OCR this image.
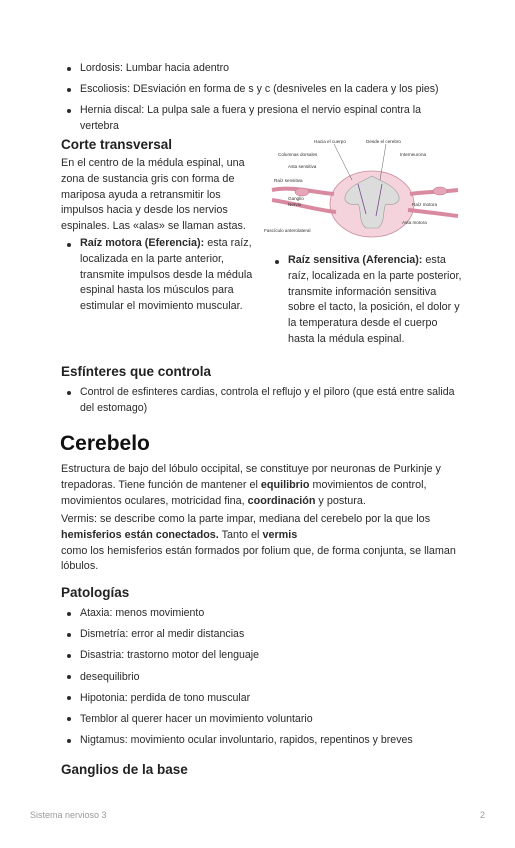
Lordosis: Lumbar hacia adentro
Escoliosis: DEsviación en forma de s y c (desniveles en la cadera y los pies)
Hernia discal: La pulpa sale a fuera y presiona el nervio espinal contra la vertebra
Corte transversal

En el centro de la médula espinal, una zona de sustancia gris con forma de mariposa ayuda a retransmitir los impulsos hacia y desde los nervios espinales. Las «alas» se llaman astas.

Raíz motora (Eferencia): esta raíz, localizada en la parte anterior, transmite impulsos desde la médula espinal hasta los músculos para estimular el movimiento muscular.
Raíz sensitiva (Aferencia): esta raíz, localizada en la parte posterior, transmite información sensitiva sobre el tacto, la posición, el dolor y la temperatura desde el cuerpo hasta la médula espinal.
Hacia el cuerpo	Desde el cerebro
Columnas dorsales
Asta sensitiva
Raíz sensitiva
Ganglio
Nervio
Interneurona
Raíz motora
Asta motora
Fascículo anterolateral
Esfínteres que controla
Control de esfinteres cardias, controla el reflujo y el piloro (que está entre salida del estomago)
Cerebelo

Estructura de bajo del lóbulo occipital, se constituye por neuronas de Purkinje y trepadoras. Tiene función de mantener el equilibrio movimientos de control, movimientos oculares, motricidad fina, coordinación y postura.

Vermis: se describe como la parte impar, mediana del cerebelo por la que los
hemisferios están conectados. Tanto el vermis
como los hemisferios están formados por folium que, de forma conjunta, se llaman lóbulos.

Patologías
Ataxia: menos movimiento
Dismetría: error al medir distancias
Disastria: trastorno motor del lenguaje
desequilibrio
Hipotonia: perdida de tono muscular
Temblor al querer hacer un movimiento voluntario
Nigtamus: movimiento ocular involuntario, rapidos, repentinos y breves
Ganglios de la base
Sistema nervioso 3	2
